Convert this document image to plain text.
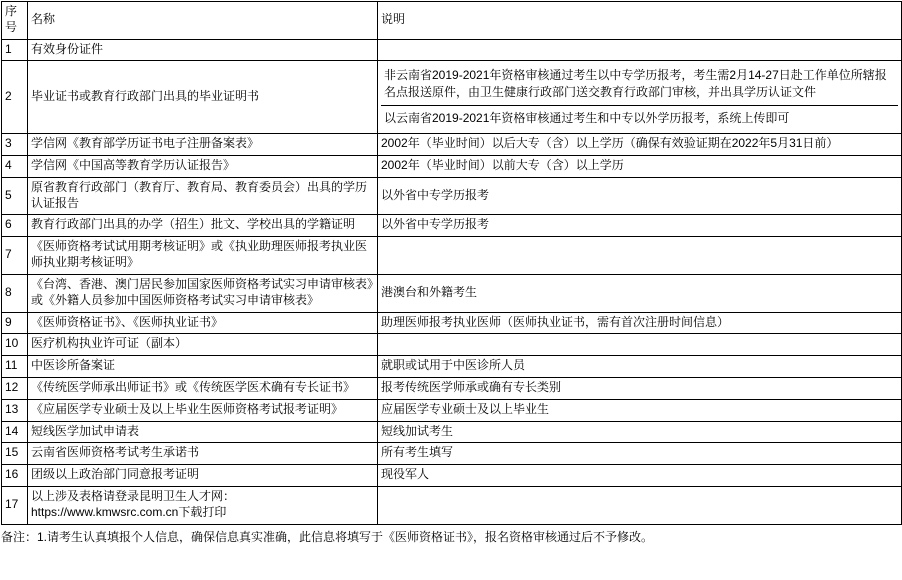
序号	名称	说明
1	有效身份证件	
2	毕业证书或教育行政部门出具的毕业证明书	非云南省2019-2021年资格审核通过考生以中专学历报考，考生需2月14-27日赴工作单位所辖报名点报送原件，由卫生健康行政部门送交教育行政部门审核，并出具学历认证文件
以云南省2019-2021年资格审核通过考生和中专以外学历报考，系统上传即可

3	学信网《教育部学历证书电子注册备案表》	2002年（毕业时间）以后大专（含）以上学历（确保有效验证期在2022年5月31日前）
4	学信网《中国高等教育学历认证报告》	2002年（毕业时间）以前大专（含）以上学历
5	原省教育行政部门（教育厅、教育局、教育委员会）出具的学历认证报告	以外省中专学历报考
6	教育行政部门出具的办学（招生）批文、学校出具的学籍证明	以外省中专学历报考
7	《医师资格考试试用期考核证明》或《执业助理医师报考执业医师执业期考核证明》	
8	《台湾、香港、澳门居民参加国家医师资格考试实习申请审核表》或《外籍人员参加中国医师资格考试实习申请审核表》	港澳台和外籍考生
9	《医师资格证书》、《医师执业证书》	助理医师报考执业医师（医师执业证书，需有首次注册时间信息）
10	医疗机构执业许可证（副本）	
11	中医诊所备案证	就职或试用于中医诊所人员
12	《传统医学师承出师证书》或《传统医学医术确有专长证书》	报考传统医学师承或确有专长类别
13	《应届医学专业硕士及以上毕业生医师资格考试报考证明》	应届医学专业硕士及以上毕业生
14	短线医学加试申请表	短线加试考生
15	云南省医师资格考试考生承诺书	所有考生填写
16	团级以上政治部门同意报考证明	现役军人
17	以上涉及表格请登录昆明卫生人才网：
https://www.kmwsrc.com.cn下载打印	

备注：1.请考生认真填报个人信息，确保信息真实准确，此信息将填写于《医师资格证书》，报名资格审核通过后不予修改。
